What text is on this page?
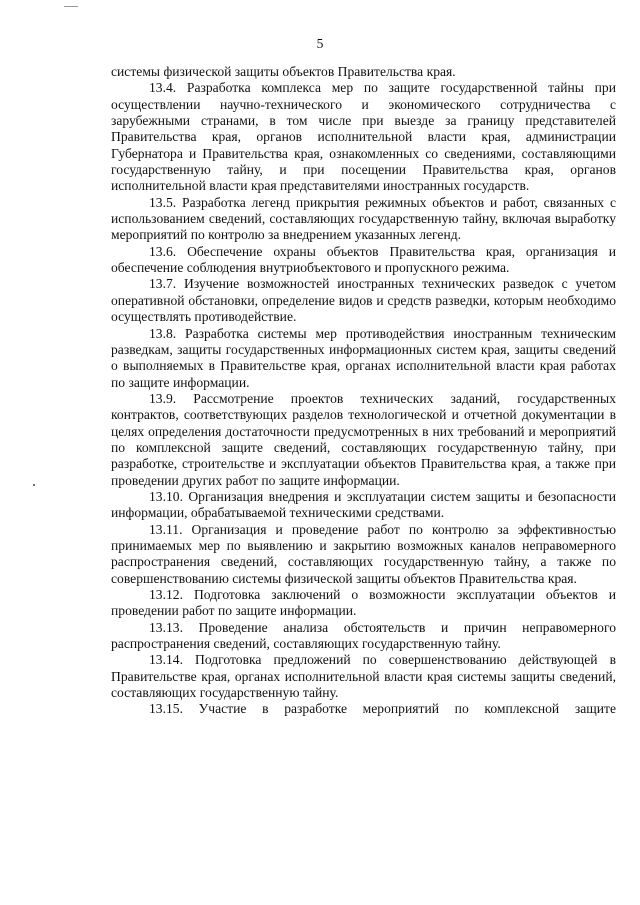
5

системы физической защиты объектов Правительства края.

13.4. Разработка комплекса мер по защите государственной тайны при осуществлении научно-технического и экономического сотрудничества с зарубежными странами, в том числе при выезде за границу представителей Правительства края, органов исполнительной власти края, администрации Губернатора и Правительства края, ознакомленных со сведениями, составляющими государственную тайну, и при посещении Правительства края, органов исполнительной власти края представителями иностранных государств.

13.5. Разработка легенд прикрытия режимных объектов и работ, связанных с использованием сведений, составляющих государственную тайну, включая выработку мероприятий по контролю за внедрением указанных легенд.

13.6. Обеспечение охраны объектов Правительства края, организация и обеспечение соблюдения внутриобъектового и пропускного режима.

13.7. Изучение возможностей иностранных технических разведок с учетом оперативной обстановки, определение видов и средств разведки, которым необходимо осуществлять противодействие.

13.8. Разработка системы мер противодействия иностранным техническим разведкам, защиты государственных информационных систем края, защиты сведений о выполняемых в Правительстве края, органах исполнительной власти края работах по защите информации.

13.9. Рассмотрение проектов технических заданий, государственных контрактов, соответствующих разделов технологической и отчетной документации в целях определения достаточности предусмотренных в них требований и мероприятий по комплексной защите сведений, составляющих государственную тайну, при разработке, строительстве и эксплуатации объектов Правительства края, а также при проведении других работ по защите информации.

13.10. Организация внедрения и эксплуатации систем защиты и безопасности информации, обрабатываемой техническими средствами.

13.11. Организация и проведение работ по контролю за эффективностью принимаемых мер по выявлению и закрытию возможных каналов неправомерного распространения сведений, составляющих государственную тайну, а также по совершенствованию системы физической защиты объектов Правительства края.

13.12. Подготовка заключений о возможности эксплуатации объектов и проведении работ по защите информации.

13.13. Проведение анализа обстоятельств и причин неправомерного распространения сведений, составляющих государственную тайну.

13.14. Подготовка предложений по совершенствованию действующей в Правительстве края, органах исполнительной власти края системы защиты сведений, составляющих государственную тайну.

13.15. Участие в разработке мероприятий по комплексной защите
